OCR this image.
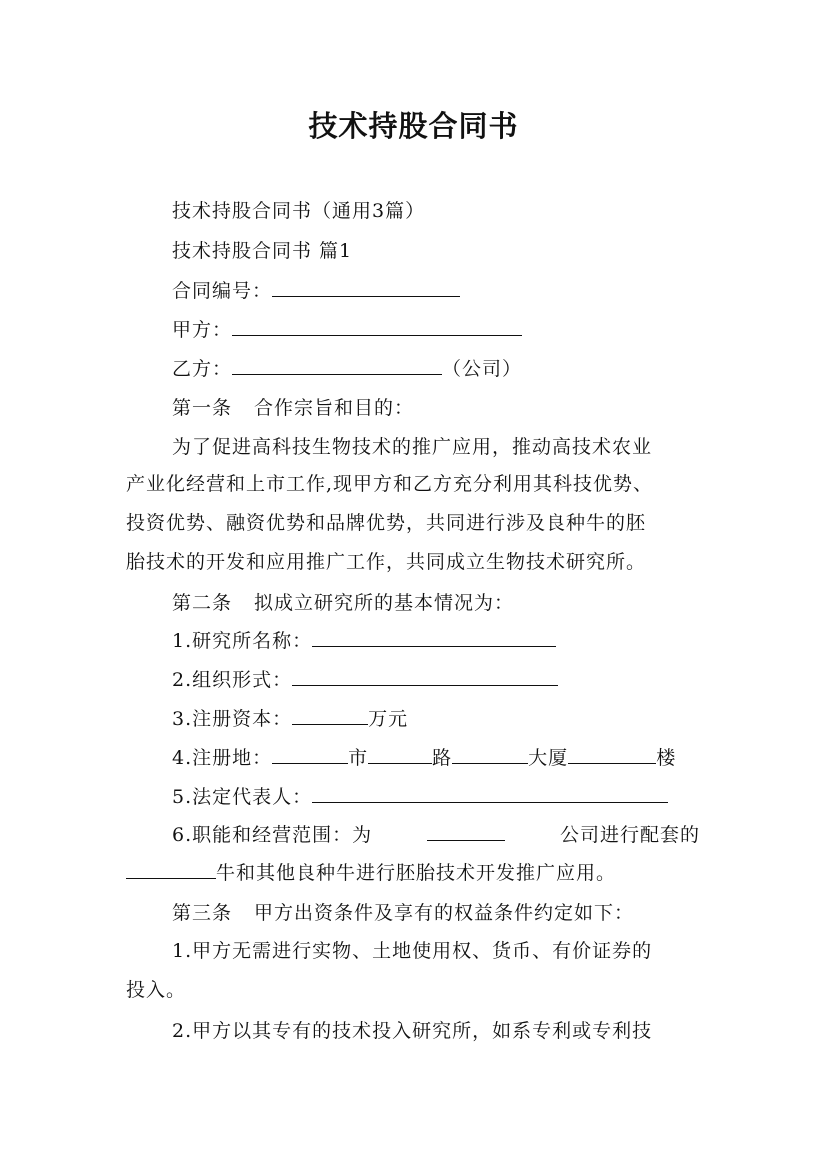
技术持股合同书
技术持股合同书（通用3篇）
技术持股合同书 篇1
合同编号：
甲方：
乙方：	（公司）
第一条 合作宗旨和目的：
为了促进高科技生物技术的推广应用，推动高技术农业
产业化经营和上市工作,现甲方和乙方充分利用其科技优势、
投资优势、融资优势和品牌优势，共同进行涉及良种牛的胚
胎技术的开发和应用推广工作，共同成立生物技术研究所。
第二条 拟成立研究所的基本情况为：
1.研究所名称：
2.组织形式：
3.注册资本：	万元
4.注册地：	市	路	大厦	楼
5.法定代表人：
6.职能和经营范围：为	公司进行配套的
牛和其他良种牛进行胚胎技术开发推广应用。
第三条 甲方出资条件及享有的权益条件约定如下：
1.甲方无需进行实物、土地使用权、货币、有价证券的
投入。
2.甲方以其专有的技术投入研究所，如系专利或专利技
